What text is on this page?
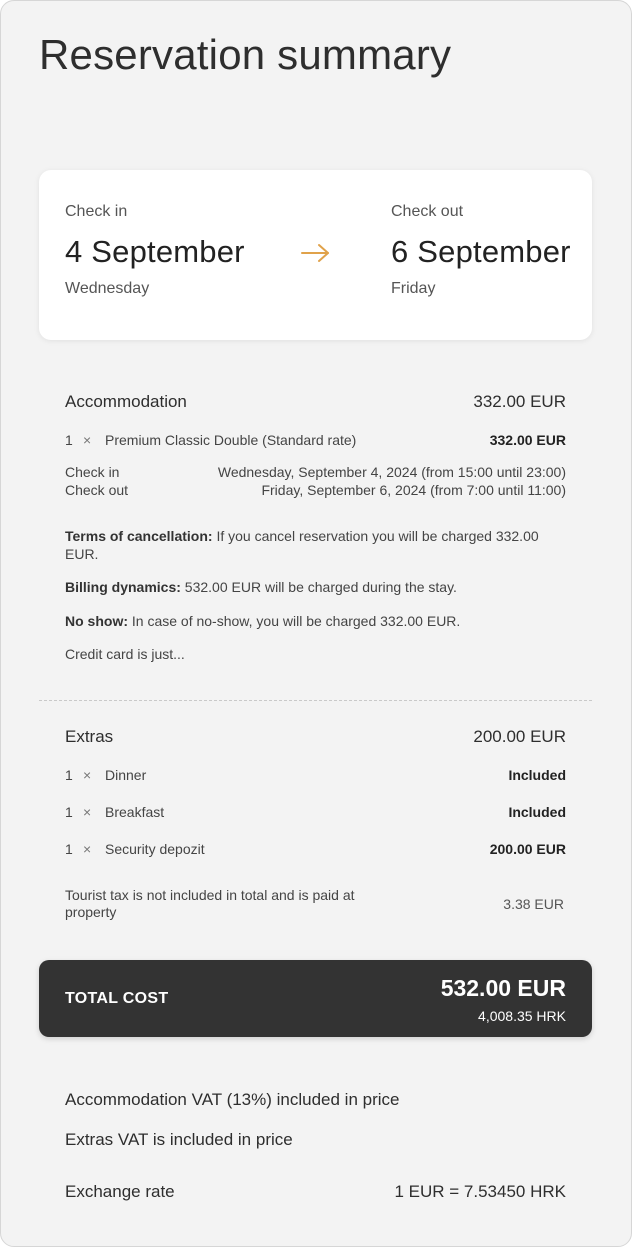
Reservation summary
Check in
4 September
Wednesday
Check out
6 September
Friday
Accommodation	332.00 EUR
1 × Premium Classic Double (Standard rate)	332.00 EUR
Check in	Wednesday, September 4, 2024 (from 15:00 until 23:00)
Check out	Friday, September 6, 2024 (from 7:00 until 11:00)

Terms of cancellation: If you cancel reservation you will be charged 332.00 EUR.

Billing dynamics: 532.00 EUR will be charged during the stay.

No show: In case of no-show, you will be charged 332.00 EUR.

Credit card is just...

Extras	200.00 EUR
1 × Dinner	Included
1 × Breakfast	Included
1 × Security depozit	200.00 EUR
Tourist tax is not included in total and is paid at property	3.38 EUR
TOTAL COST	532.00 EUR
4,008.35 HRK
Accommodation VAT (13%) included in price
Extras VAT is included in price
Exchange rate	1 EUR = 7.53450 HRK
